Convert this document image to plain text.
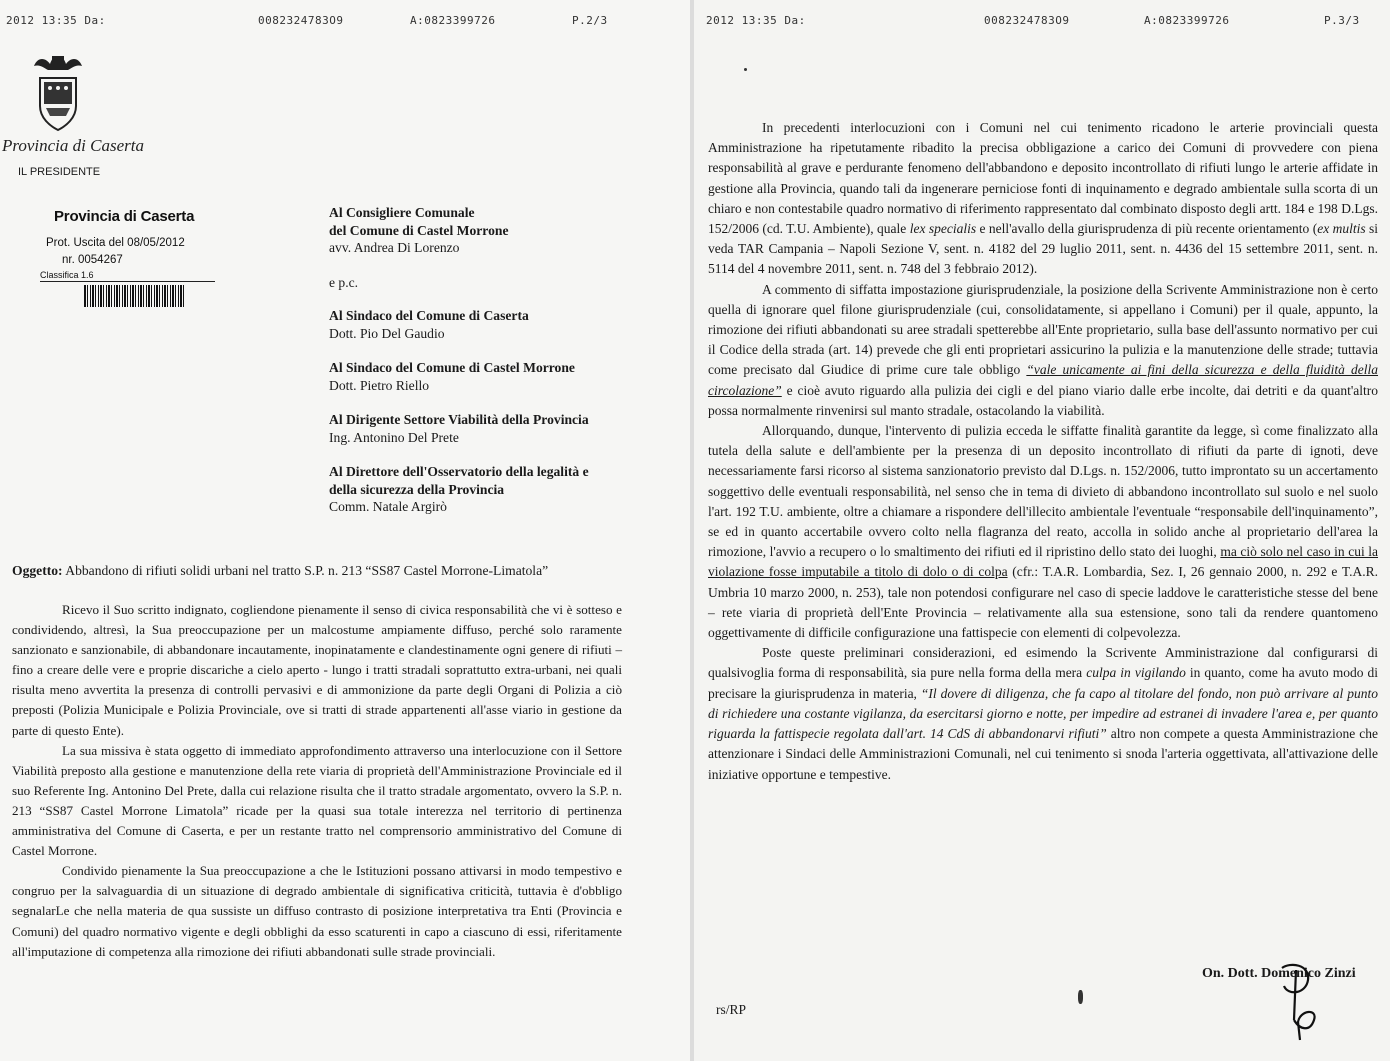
2012 13:35 Da:	0082324783O9	A:0823399726	P.2/3
Provincia di Caserta
IL PRESIDENTE
Provincia di Caserta
Prot. Uscita del 08/05/2012
nr. 0054267
Classifica 1.6
Al Consigliere Comunale
del Comune di Castel Morrone
avv. Andrea Di Lorenzo
e p.c.
Al Sindaco del Comune di Caserta
Dott. Pio Del Gaudio
Al Sindaco del Comune di Castel Morrone
Dott. Pietro Riello
Al Dirigente Settore Viabilità della Provincia
Ing. Antonino Del Prete
Al Direttore dell'Osservatorio della legalità e
della sicurezza della Provincia
Comm. Natale Argirò
Oggetto: Abbandono di rifiuti solidi urbani nel tratto S.P. n. 213 “SS87 Castel Morrone-Limatola”

Ricevo il Suo scritto indignato, cogliendone pienamente il senso di civica responsabilità che vi è sotteso e condividendo, altresì, la Sua preoccupazione per un malcostume ampiamente diffuso, perché solo raramente sanzionato e sanzionabile, di abbandonare incautamente, inopinatamente e clandestinamente ogni genere di rifiuti – fino a creare delle vere e proprie discariche a cielo aperto - lungo i tratti stradali soprattutto extra-urbani, nei quali risulta meno avvertita la presenza di controlli pervasivi e di ammonizione da parte degli Organi di Polizia a ciò preposti (Polizia Municipale e Polizia Provinciale, ove si tratti di strade appartenenti all'asse viario in gestione da parte di questo Ente).

La sua missiva è stata oggetto di immediato approfondimento attraverso una interlocuzione con il Settore Viabilità preposto alla gestione e manutenzione della rete viaria di proprietà dell'Amministrazione Provinciale ed il suo Referente Ing. Antonino Del Prete, dalla cui relazione risulta che il tratto stradale argomentato, ovvero la S.P. n. 213 “SS87 Castel Morrone Limatola” ricade per la quasi sua totale interezza nel territorio di pertinenza amministrativa del Comune di Caserta, e per un restante tratto nel comprensorio amministrativo del Comune di Castel Morrone.

Condivido pienamente la Sua preoccupazione a che le Istituzioni possano attivarsi in modo tempestivo e congruo per la salvaguardia di un situazione di degrado ambientale di significativa criticità, tuttavia è d'obbligo segnalarLe che nella materia de qua sussiste un diffuso contrasto di posizione interpretativa tra Enti (Provincia e Comuni) del quadro normativo vigente e degli obblighi da esso scaturenti in capo a ciascuno di essi, riferitamente all'imputazione di competenza alla rimozione dei rifiuti abbandonati sulle strade provinciali.

2012 13:35 Da:	0082324783O9	A:0823399726	P.3/3

In precedenti interlocuzioni con i Comuni nel cui tenimento ricadono le arterie provinciali questa Amministrazione ha ripetutamente ribadito la precisa obbligazione a carico dei Comuni di provvedere con piena responsabilità al grave e perdurante fenomeno dell'abbandono e deposito incontrollato di rifiuti lungo le arterie affidate in gestione alla Provincia, quando tali da ingenerare perniciose fonti di inquinamento e degrado ambientale sulla scorta di un chiaro e non contestabile quadro normativo di riferimento rappresentato dal combinato disposto degli artt. 184 e 198 D.Lgs. 152/2006 (cd. T.U. Ambiente), quale lex specialis e nell'avallo della giurisprudenza di più recente orientamento (ex multis si veda TAR Campania – Napoli Sezione V, sent. n. 4182 del 29 luglio 2011, sent. n. 4436 del 15 settembre 2011, sent. n. 5114 del 4 novembre 2011, sent. n. 748 del 3 febbraio 2012).

A commento di siffatta impostazione giurisprudenziale, la posizione della Scrivente Amministrazione non è certo quella di ignorare quel filone giurisprudenziale (cui, consolidatamente, si appellano i Comuni) per il quale, appunto, la rimozione dei rifiuti abbandonati su aree stradali spetterebbe all'Ente proprietario, sulla base dell'assunto normativo per cui il Codice della strada (art. 14) prevede che gli enti proprietari assicurino la pulizia e la manutenzione delle strade; tuttavia come precisato dal Giudice di prime cure tale obbligo “vale unicamente ai fini della sicurezza e della fluidità della circolazione” e cioè avuto riguardo alla pulizia dei cigli e del piano viario dalle erbe incolte, dai detriti e da quant'altro possa normalmente rinvenirsi sul manto stradale, ostacolando la viabilità.

Allorquando, dunque, l'intervento di pulizia ecceda le siffatte finalità garantite da legge, sì come finalizzato alla tutela della salute e dell'ambiente per la presenza di un deposito incontrollato di rifiuti da parte di ignoti, deve necessariamente farsi ricorso al sistema sanzionatorio previsto dal D.Lgs. n. 152/2006, tutto improntato su un accertamento soggettivo delle eventuali responsabilità, nel senso che in tema di divieto di abbandono incontrollato sul suolo e nel suolo l'art. 192 T.U. ambiente, oltre a chiamare a rispondere dell'illecito ambientale l'eventuale “responsabile dell'inquinamento”, se ed in quanto accertabile ovvero colto nella flagranza del reato, accolla in solido anche al proprietario dell'area la rimozione, l'avvio a recupero o lo smaltimento dei rifiuti ed il ripristino dello stato dei luoghi, ma ciò solo nel caso in cui la violazione fosse imputabile a titolo di dolo o di colpa (cfr.: T.A.R. Lombardia, Sez. I, 26 gennaio 2000, n. 292 e T.A.R. Umbria 10 marzo 2000, n. 253), tale non potendosi configurare nel caso di specie laddove le caratteristiche stesse del bene – rete viaria di proprietà dell'Ente Provincia – relativamente alla sua estensione, sono tali da rendere quantomeno oggettivamente di difficile configurazione una fattispecie con elementi di colpevolezza.

Poste queste preliminari considerazioni, ed esimendo la Scrivente Amministrazione dal configurarsi di qualsivoglia forma di responsabilità, sia pure nella forma della mera culpa in vigilando in quanto, come ha avuto modo di precisare la giurisprudenza in materia, “Il dovere di diligenza, che fa capo al titolare del fondo, non può arrivare al punto di richiedere una costante vigilanza, da esercitarsi giorno e notte, per impedire ad estranei di invadere l'area e, per quanto riguarda la fattispecie regolata dall'art. 14 CdS di abbandonarvi rifiuti” altro non compete a questa Amministrazione che attenzionare i Sindaci delle Amministrazioni Comunali, nel cui tenimento si snoda l'arteria oggettivata, all'attivazione delle iniziative opportune e tempestive.

On. Dott. Domenico Zinzi
rs/RP
